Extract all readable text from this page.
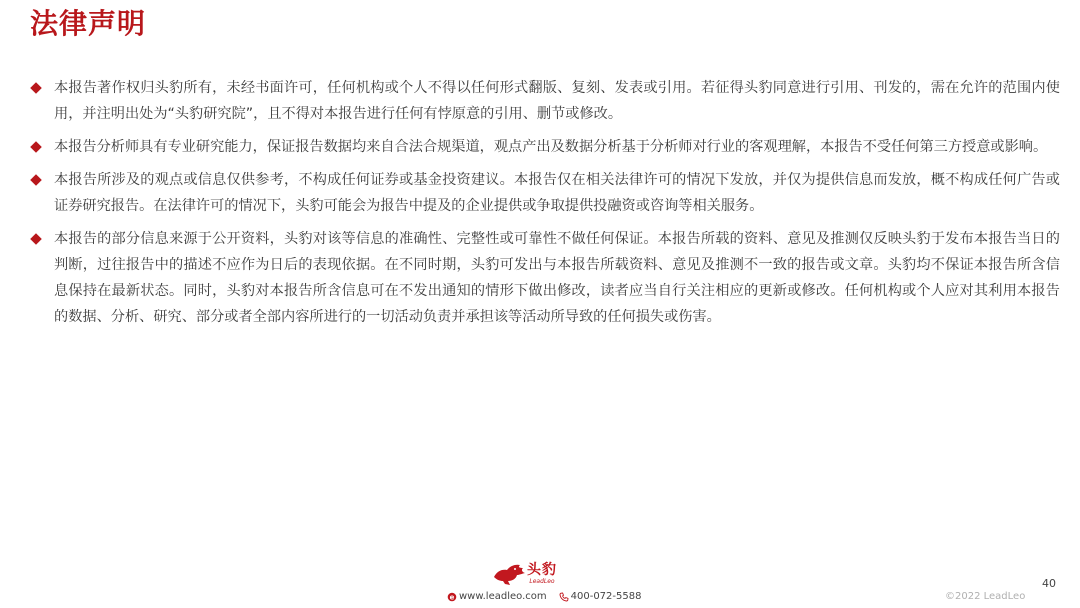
法律声明
本报告著作权归头豹所有，未经书面许可，任何机构或个人不得以任何形式翻版、复刻、发表或引用。若征得头豹同意进行引用、刊发的，需在允许的范围内使用，并注明出处为“头豹研究院”，且不得对本报告进行任何有悖原意的引用、删节或修改。
本报告分析师具有专业研究能力，保证报告数据均来自合法合规渠道，观点产出及数据分析基于分析师对行业的客观理解，本报告不受任何第三方授意或影响。
本报告所涉及的观点或信息仅供参考，不构成任何证券或基金投资建议。本报告仅在相关法律许可的情况下发放，并仅为提供信息而发放，概不构成任何广告或证券研究报告。在法律许可的情况下，头豹可能会为报告中提及的企业提供或争取提供投融资或咨询等相关服务。
本报告的部分信息来源于公开资料，头豹对该等信息的准确性、完整性或可靠性不做任何保证。本报告所载的资料、意见及推测仅反映头豹于发布本报告当日的判断，过往报告中的描述不应作为日后的表现依据。在不同时期，头豹可发出与本报告所载资料、意见及推测不一致的报告或文章。头豹均不保证本报告所含信息保持在最新状态。同时，头豹对本报告所含信息可在不发出通知的情形下做出修改，读者应当自行关注相应的更新或修改。任何机构或个人应对其利用本报告的数据、分析、研究、部分或者全部内容所进行的一切活动负责并承担该等活动所导致的任何损失或伤害。
头豹
LeadLeo
e www.leadleo.com 400-072-5588
40
©2022 LeadLeo
